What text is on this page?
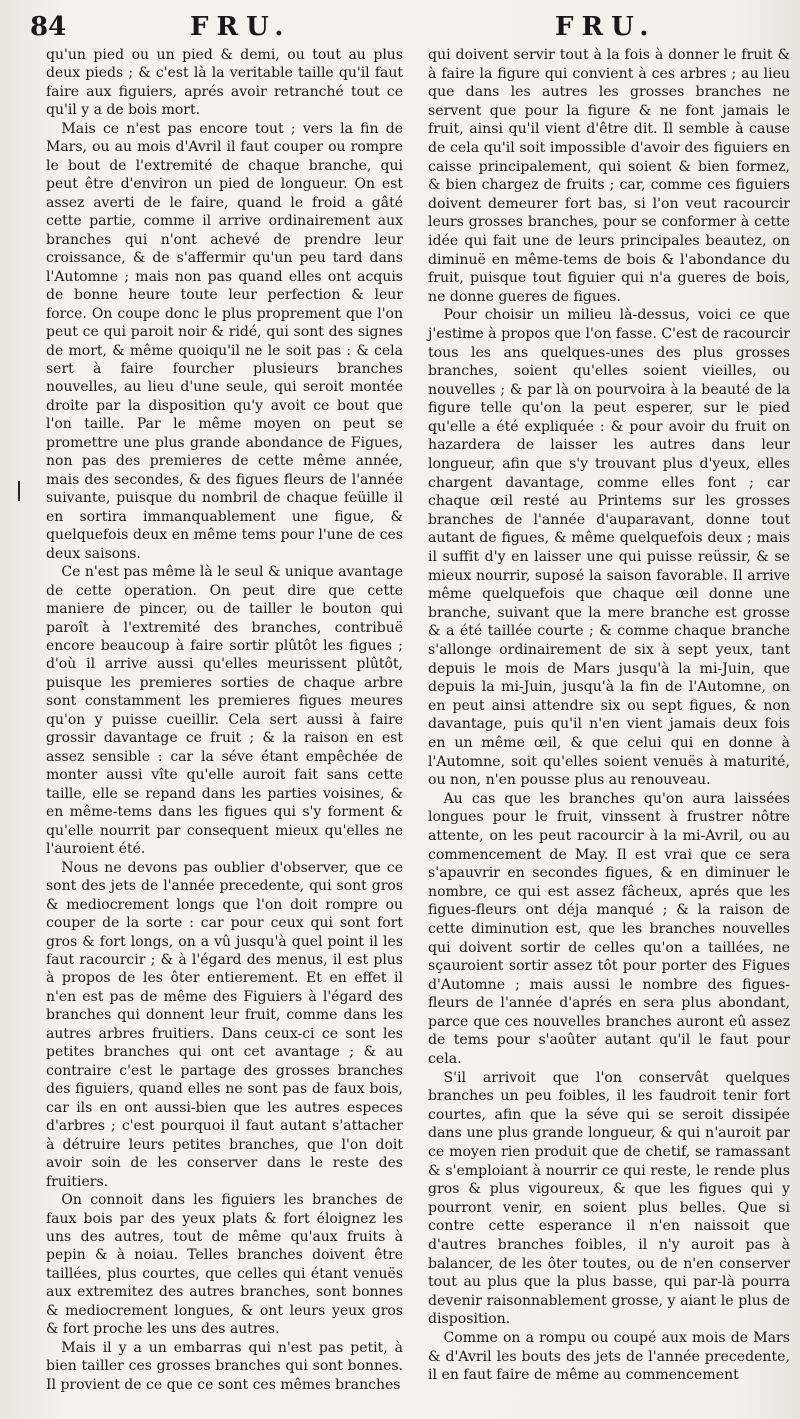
84	FRU.	FRU.

qu'un pied ou un pied & demi, ou tout au plus deux pieds ; & c'est là la veritable taille qu'il faut faire aux figuiers, aprés avoir retranché tout ce qu'il y a de bois mort.

Mais ce n'est pas encore tout ; vers la fin de Mars, ou au mois d'Avril il faut couper ou rompre le bout de l'extremité de chaque branche, qui peut être d'environ un pied de longueur. On est assez averti de le faire, quand le froid a gâté cette partie, comme il arrive ordinairement aux branches qui n'ont achevé de prendre leur croissance, & de s'affermir qu'un peu tard dans l'Automne ; mais non pas quand elles ont acquis de bonne heure toute leur perfection & leur force. On coupe donc le plus proprement que l'on peut ce qui paroit noir & ridé, qui sont des signes de mort, & même quoiqu'il ne le soit pas : & cela sert à faire fourcher plusieurs branches nouvelles, au lieu d'une seule, qui seroit montée droite par la disposition qu'y avoit ce bout que l'on taille. Par le même moyen on peut se promettre une plus grande abondance de Figues, non pas des premieres de cette même année, mais des secondes, & des figues fleurs de l'année suivante, puisque du nombril de chaque feüille il en sortira immanquablement une figue, & quelquefois deux en même tems pour l'une de ces deux saisons.

Ce n'est pas même là le seul & unique avantage de cette operation. On peut dire que cette maniere de pincer, ou de tailler le bouton qui paroît à l'extremité des branches, contribuë encore beaucoup à faire sortir plûtôt les figues ; d'où il arrive aussi qu'elles meurissent plûtôt, puisque les premieres sorties de chaque arbre sont constamment les premieres figues meures qu'on y puisse cueillir. Cela sert aussi à faire grossir davantage ce fruit ; & la raison en est assez sensible : car la séve étant empêchée de monter aussi vîte qu'elle auroit fait sans cette taille, elle se repand dans les parties voisines, & en même-tems dans les figues qui s'y forment & qu'elle nourrit par consequent mieux qu'elles ne l'auroient été.

Nous ne devons pas oublier d'observer, que ce sont des jets de l'année precedente, qui sont gros & mediocrement longs que l'on doit rompre ou couper de la sorte : car pour ceux qui sont fort gros & fort longs, on a vû jusqu'à quel point il les faut racourcir ; & à l'égard des menus, il est plus à propos de les ôter entierement. Et en effet il n'en est pas de même des Figuiers à l'égard des branches qui donnent leur fruit, comme dans les autres arbres fruitiers. Dans ceux-ci ce sont les petites branches qui ont cet avantage ; & au contraire c'est le partage des grosses branches des figuiers, quand elles ne sont pas de faux bois, car ils en ont aussi-bien que les autres especes d'arbres ; c'est pourquoi il faut autant s'attacher à détruire leurs petites branches, que l'on doit avoir soin de les conserver dans le reste des fruitiers.

On connoit dans les figuiers les branches de faux bois par des yeux plats & fort éloignez les uns des autres, tout de même qu'aux fruits à pepin & à noiau. Telles branches doivent être taillées, plus courtes, que celles qui étant venuës aux extremitez des autres branches, sont bonnes & mediocrement longues, & ont leurs yeux gros & fort proche les uns des autres.

Mais il y a un embarras qui n'est pas petit, à bien tailler ces grosses branches qui sont bonnes. Il provient de ce que ce sont ces mêmes branches

qui doivent servir tout à la fois à donner le fruit & à faire la figure qui convient à ces arbres ; au lieu que dans les autres les grosses branches ne servent que pour la figure & ne font jamais le fruit, ainsi qu'il vient d'être dit. Il semble à cause de cela qu'il soit impossible d'avoir des figuiers en caisse principalement, qui soient & bien formez, & bien chargez de fruits ; car, comme ces figuiers doivent demeurer fort bas, si l'on veut racourcir leurs grosses branches, pour se conformer à cette idée qui fait une de leurs principales beautez, on diminuë en même-tems de bois & l'abondance du fruit, puisque tout figuier qui n'a gueres de bois, ne donne gueres de figues.

Pour choisir un milieu là-dessus, voici ce que j'estime à propos que l'on fasse. C'est de racourcir tous les ans quelques-unes des plus grosses branches, soient qu'elles soient vieilles, ou nouvelles ; & par là on pourvoira à la beauté de la figure telle qu'on la peut esperer, sur le pied qu'elle a été expliquée : & pour avoir du fruit on hazardera de laisser les autres dans leur longueur, afin que s'y trouvant plus d'yeux, elles chargent davantage, comme elles font ; car chaque œil resté au Printems sur les grosses branches de l'année d'auparavant, donne tout autant de figues, & même quelquefois deux ; mais il suffit d'y en laisser une qui puisse reüssir, & se mieux nourrir, suposé la saison favorable. Il arrive même quelquefois que chaque œil donne une branche, suivant que la mere branche est grosse & a été taillée courte ; & comme chaque branche s'allonge ordinairement de six à sept yeux, tant depuis le mois de Mars jusqu'à la mi-Juin, que depuis la mi-Juin, jusqu'à la fin de l'Automne, on en peut ainsi attendre six ou sept figues, & non davantage, puis qu'il n'en vient jamais deux fois en un même œil, & que celui qui en donne à l'Automne, soit qu'elles soient venuës à maturité, ou non, n'en pousse plus au renouveau.

Au cas que les branches qu'on aura laissées longues pour le fruit, vinssent à frustrer nôtre attente, on les peut racourcir à la mi-Avril, ou au commencement de May. Il est vrai que ce sera s'apauvrir en secondes figues, & en diminuer le nombre, ce qui est assez fâcheux, aprés que les figues-fleurs ont déja manqué ; & la raison de cette diminution est, que les branches nouvelles qui doivent sortir de celles qu'on a taillées, ne sçauroient sortir assez tôt pour porter des Figues d'Automne ; mais aussi le nombre des figues-fleurs de l'année d'aprés en sera plus abondant, parce que ces nouvelles branches auront eû assez de tems pour s'aoûter autant qu'il le faut pour cela.

S'il arrivoit que l'on conservât quelques branches un peu foibles, il les faudroit tenir fort courtes, afin que la séve qui se seroit dissipée dans une plus grande longueur, & qui n'auroit par ce moyen rien produit que de chetif, se ramassant & s'emploiant à nourrir ce qui reste, le rende plus gros & plus vigoureux, & que les figues qui y pourront venir, en soient plus belles. Que si contre cette esperance il n'en naissoit que d'autres branches foibles, il n'y auroit pas à balancer, de les ôter toutes, ou de n'en conserver tout au plus que la plus basse, qui par-là pourra devenir raisonnablement grosse, y aiant le plus de disposition.

Comme on a rompu ou coupé aux mois de Mars & d'Avril les bouts des jets de l'année precedente, il en faut faire de même au commencement
